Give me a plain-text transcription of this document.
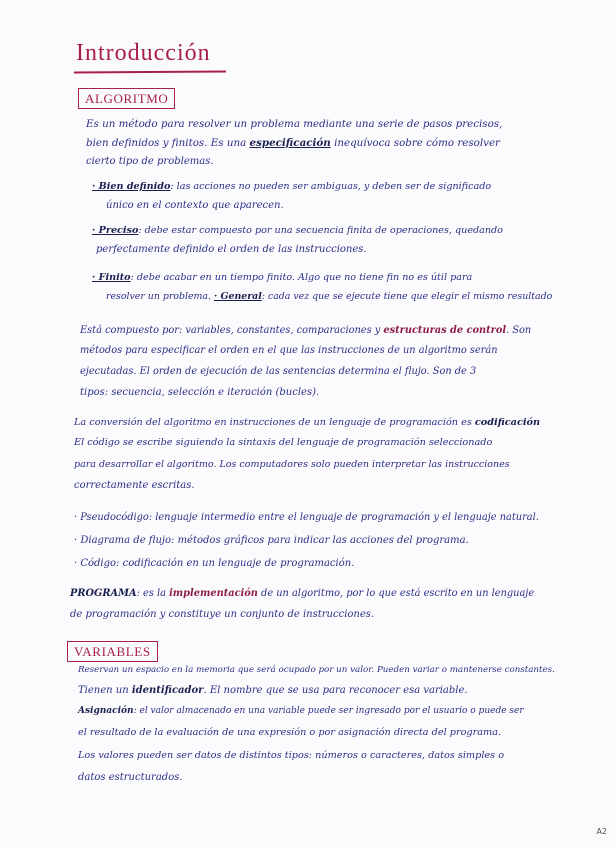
Introducción
ALGORITMO
Es un método para resolver un problema mediante una serie de pasos precisos,
bien definidos y finitos. Es una especificación inequívoca sobre cómo resolver
cierto tipo de problemas.
· Bien definido: las acciones no pueden ser ambiguas, y deben ser de significado
único en el contexto que aparecen.
· Preciso: debe estar compuesto por una secuencia finita de operaciones, quedando
perfectamente definido el orden de las instrucciones.
· Finito: debe acabar en un tiempo finito. Algo que no tiene fin no es útil para
resolver un problema. · General: cada vez que se ejecute tiene que elegir el mismo resultado
Está compuesto por: variables, constantes, comparaciones y estructuras de control. Son
métodos para especificar el orden en el que las instrucciones de un algoritmo serán
ejecutadas. El orden de ejecución de las sentencias determina el flujo. Son de 3
tipos: secuencia, selección e iteración (bucles).
La conversión del algoritmo en instrucciones de un lenguaje de programación es codificación
El código se escribe siguiendo la sintaxis del lenguaje de programación seleccionado
para desarrollar el algoritmo. Los computadores solo pueden interpretar las instrucciones
correctamente escritas.
· Pseudocódigo: lenguaje intermedio entre el lenguaje de programación y el lenguaje natural.
· Diagrama de flujo: métodos gráficos para indicar las acciones del programa.
· Código: codificación en un lenguaje de programación.
PROGRAMA: es la implementación de un algoritmo, por lo que está escrito en un lenguaje
de programación y constituye un conjunto de instrucciones.
VARIABLES
Reservan un espacio en la memoria que será ocupado por un valor. Pueden variar o mantenerse constantes.
Tienen un identificador. El nombre que se usa para reconocer esa variable.
Asignación: el valor almacenado en una variable puede ser ingresado por el usuario o puede ser
el resultado de la evaluación de una expresión o por asignación directa del programa.
Los valores pueden ser datos de distintos tipos: números o caracteres, datos simples o
datos estructurados.
A2
